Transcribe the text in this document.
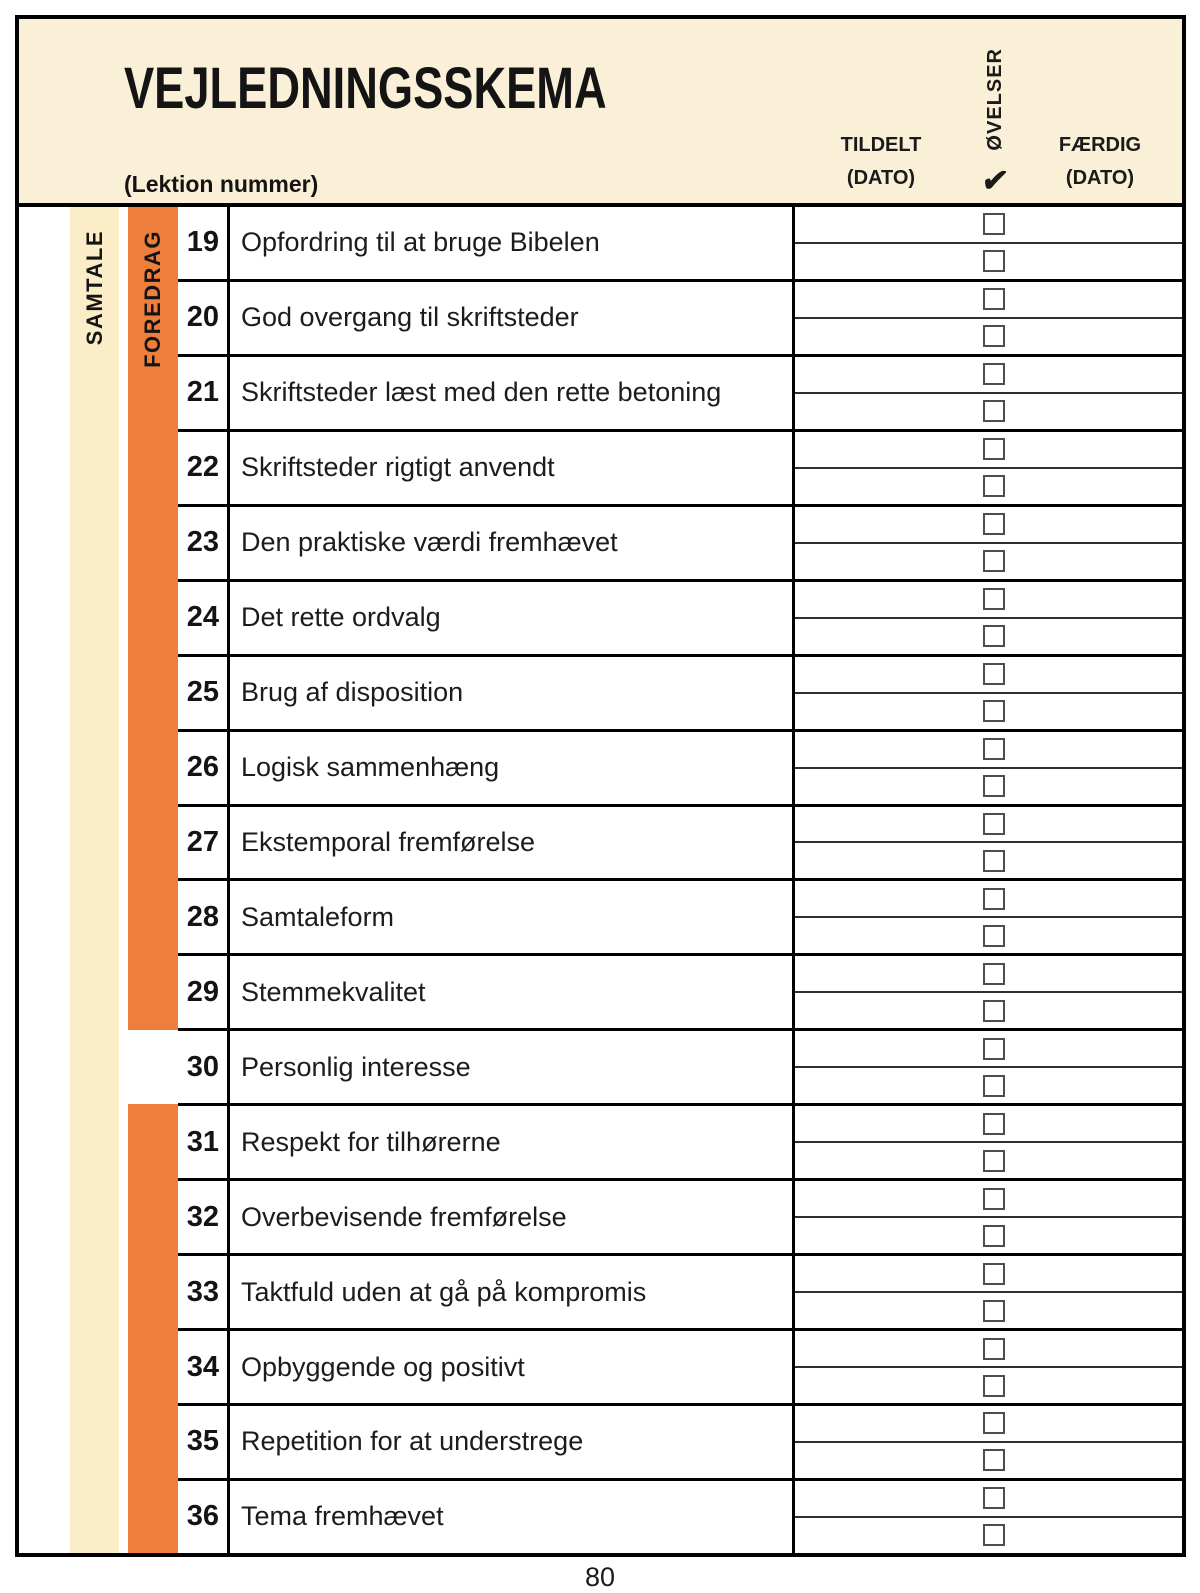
VEJLEDNINGSSKEMA
(Lektion nummer)
TILDELT
(DATO)
ØVELSER
✔
FÆRDIG
(DATO)
SAMTALE FOREDRAG 19 Opfordring til at bruge Bibelen
20 God overgang til skriftsteder
21 Skriftsteder læst med den rette betoning
22 Skriftsteder rigtigt anvendt
23 Den praktiske værdi fremhævet
24 Det rette ordvalg
25 Brug af disposition
26 Logisk sammenhæng
27 Ekstemporal fremførelse
28 Samtaleform
29 Stemmekvalitet
30 Personlig interesse
31 Respekt for tilhørerne
32 Overbevisende fremførelse
33 Taktfuld uden at gå på kompromis
34 Opbyggende og positivt
35 Repetition for at understrege
36 Tema fremhævet
80
